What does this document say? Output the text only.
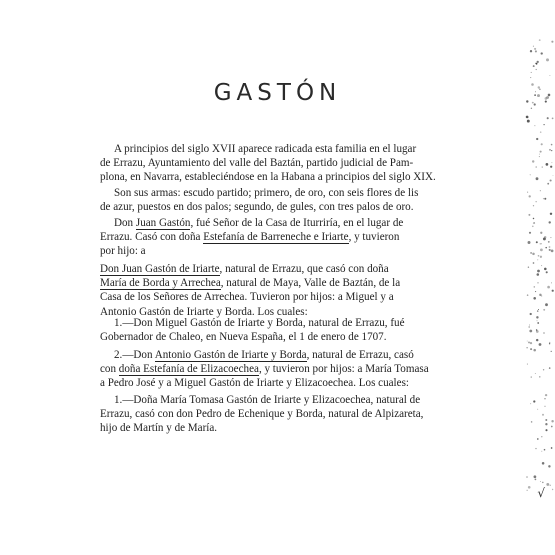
GASTÓN
A principios del siglo XVII aparece radicada esta familia en el lugar
de Errazu, Ayuntamiento del valle del Baztán, partido judicial de Pam-
plona, en Navarra, estableciéndose en la Habana a principios del siglo XIX.
Son sus armas: escudo partido; primero, de oro, con seis flores de lis
de azur, puestos en dos palos; segundo, de gules, con tres palos de oro.
Don Juan Gastón, fué Señor de la Casa de Iturriría, en el lugar de
Errazu. Casó con doña Estefanía de Barreneche e Iriarte, y tuvieron
por hijo: a
Don Juan Gastón de Iriarte, natural de Errazu, que casó con doña
María de Borda y Arrechea, natural de Maya, Valle de Baztán, de la
Casa de los Señores de Arrechea. Tuvieron por hijos: a Miguel y a
Antonio Gastón de Iriarte y Borda. Los cuales:
1.—Don Miguel Gastón de Iriarte y Borda, natural de Errazu, fué
Gobernador de Chaleo, en Nueva España, el 1 de enero de 1707.
2.—Don Antonio Gastón de Iriarte y Borda, natural de Errazu, casó
con doña Estefanía de Elizacoechea, y tuvieron por hijos: a María Tomasa
a Pedro José y a Miguel Gastón de Iriarte y Elizacoechea. Los cuales:
1.—Doña María Tomasa Gastón de Iriarte y Elizacoechea, natural de
Errazu, casó con don Pedro de Echenique y Borda, natural de Alpizareta,
hijo de Martín y de María.
√
